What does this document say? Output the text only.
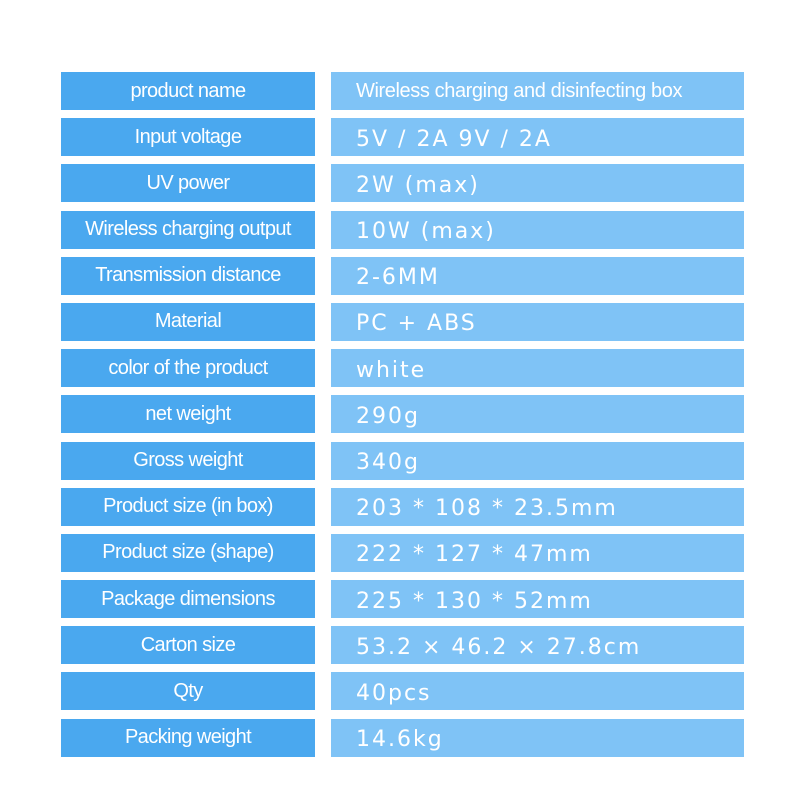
product name	Wireless charging and disinfecting box
Input voltage	5V / 2A 9V / 2A
UV power	2W (max)
Wireless charging output	10W (max)
Transmission distance	2-6MM
Material	PC + ABS
color of the product	white
net weight	290g
Gross weight	340g
Product size (in box)	203 * 108 * 23.5mm
Product size (shape)	222 * 127 * 47mm
Package dimensions	225 * 130 * 52mm
Carton size	53.2 × 46.2 × 27.8cm
Qty	40pcs
Packing weight	14.6kg
